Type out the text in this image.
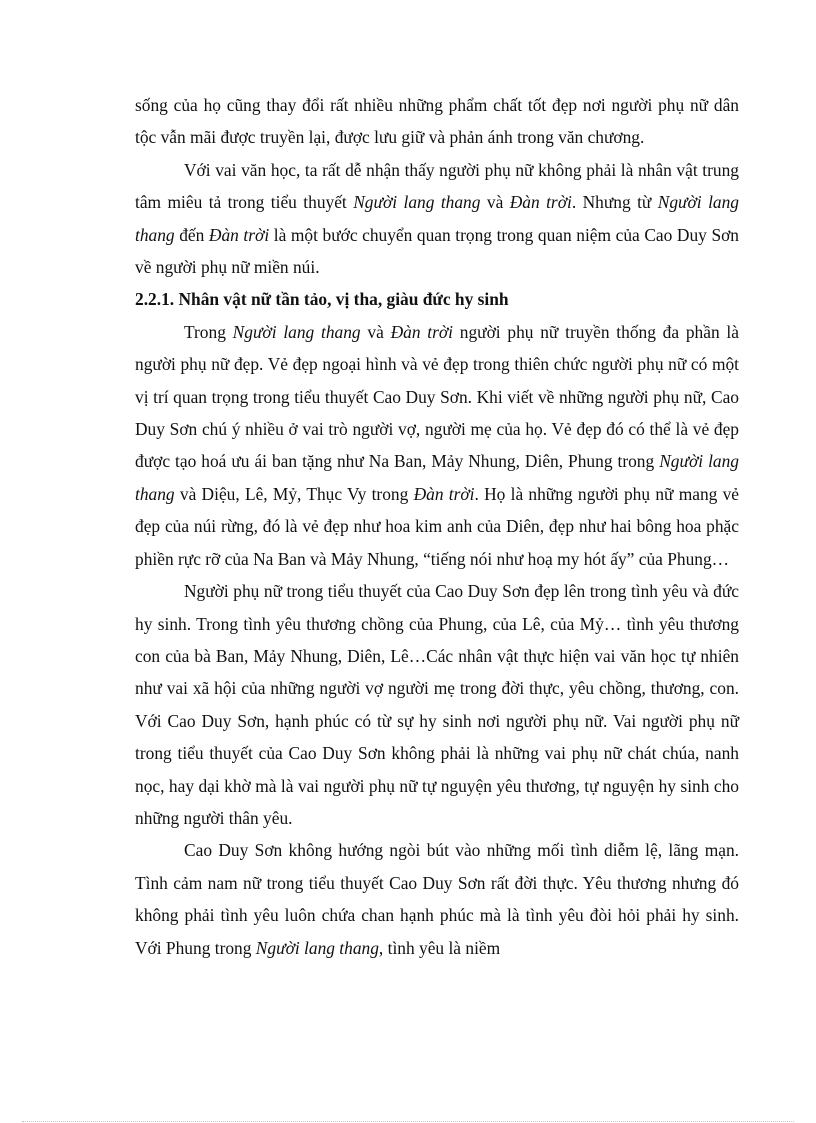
sống của họ cũng thay đổi rất nhiều những phẩm chất tốt đẹp nơi người phụ nữ dân tộc vẫn mãi được truyền lại, được lưu giữ và phản ánh trong văn chương.

Với vai văn học, ta rất dễ nhận thấy người phụ nữ không phải là nhân vật trung tâm miêu tả trong tiểu thuyết Người lang thang và Đàn trời. Nhưng từ Người lang thang đến Đàn trời là một bước chuyển quan trọng trong quan niệm của Cao Duy Sơn về người phụ nữ miền núi.

2.2.1. Nhân vật nữ tần tảo, vị tha, giàu đức hy sinh

Trong Người lang thang và Đàn trời người phụ nữ truyền thống đa phần là người phụ nữ đẹp. Vẻ đẹp ngoại hình và vẻ đẹp trong thiên chức người phụ nữ có một vị trí quan trọng trong tiểu thuyết Cao Duy Sơn. Khi viết về những người phụ nữ, Cao Duy Sơn chú ý nhiều ở vai trò người vợ, người mẹ của họ. Vẻ đẹp đó có thể là vẻ đẹp được tạo hoá ưu ái ban tặng như Na Ban, Mảy Nhung, Diên, Phung trong Người lang thang và Diệu, Lê, Mỷ, Thục Vy trong Đàn trời. Họ là những người phụ nữ mang vẻ đẹp của núi rừng, đó là vẻ đẹp như hoa kim anh của Diên, đẹp như hai bông hoa phặc phiền rực rỡ của Na Ban và Mảy Nhung, “tiếng nói như hoạ my hót ấy” của Phung…

Người phụ nữ trong tiểu thuyết của Cao Duy Sơn đẹp lên trong tình yêu và đức hy sinh. Trong tình yêu thương chồng của Phung, của Lê, của Mỷ… tình yêu thương con của bà Ban, Mảy Nhung, Diên, Lê…Các nhân vật thực hiện vai văn học tự nhiên như vai xã hội của những người vợ người mẹ trong đời thực, yêu chồng, thương, con. Với Cao Duy Sơn, hạnh phúc có từ sự hy sinh nơi người phụ nữ. Vai người phụ nữ trong tiểu thuyết của Cao Duy Sơn không phải là những vai phụ nữ chát chúa, nanh nọc, hay dại khờ mà là vai người phụ nữ tự nguyện yêu thương, tự nguyện hy sinh cho những người thân yêu.

Cao Duy Sơn không hướng ngòi bút vào những mối tình diễm lệ, lãng mạn. Tình cảm nam nữ trong tiểu thuyết Cao Duy Sơn rất đời thực. Yêu thương nhưng đó không phải tình yêu luôn chứa chan hạnh phúc mà là tình yêu đòi hỏi phải hy sinh. Với Phung trong Người lang thang, tình yêu là niềm
